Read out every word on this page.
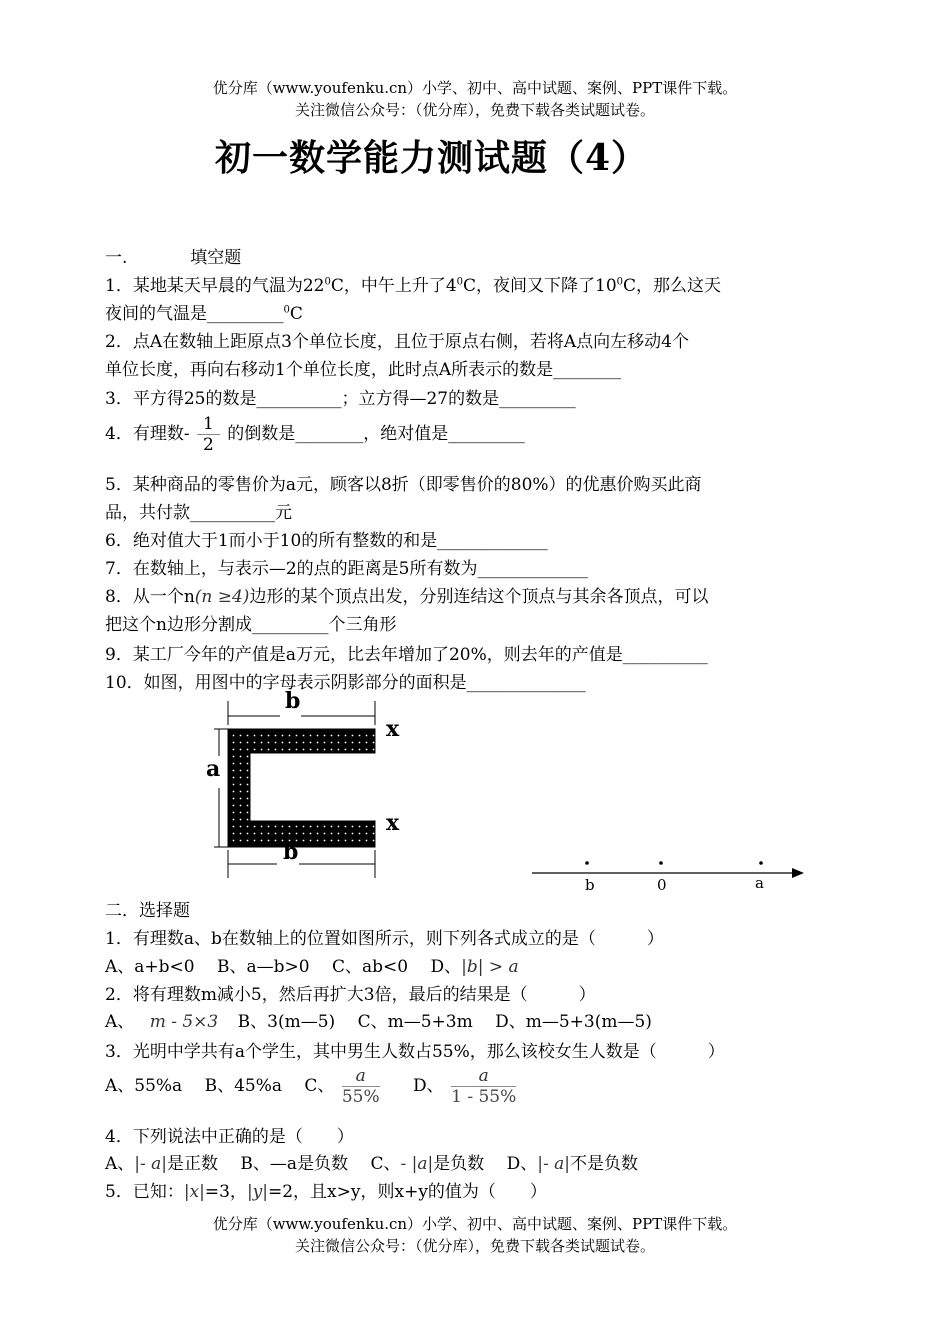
优分库（www.youfenku.cn）小学、初中、高中试题、案例、PPT课件下载。
关注微信公众号：（优分库），免费下载各类试题试卷。
初一数学能力测试题（4）
一.	填空题
1．某地某天早晨的气温为$22^0C$，中午上升了$4^0C$，夜间又下降了$10^0C$，那么这天
夜间的气温是_________$^0$C
2．点A在数轴上距原点3个单位长度，且位于原点右侧，若将A点向左移动4个
单位长度，再向右移动1个单位长度，此时点A所表示的数是________
3．平方得25的数是__________；立方得—27的数是_________
4．有理数- $\frac{1}{2}$ 的倒数是________，绝对值是_________
5．某种商品的零售价为a元，顾客以8折（即零售价的80%）的优惠价购买此商
品，共付款__________元
6．绝对值大于1而小于10的所有整数的和是_____________
7．在数轴上，与表示—2的点的距离是5所有数为_____________
8．从一个n(n ≥4)边形的某个顶点出发，分别连结这个顶点与其余各顶点，可以
把这个n边形分割成_________个三角形
9．某工厂今年的产值是a万元，比去年增加了20%，则去年的产值是__________
10．如图，用图中的字母表示阴影部分的面积是______________
b
a
x
x
b
b	0	a
二．选择题
1．有理数a、b在数轴上的位置如图所示，则下列各式成立的是（　　　）
A、a+b<0　 B、a—b>0　 C、ab<0　 D、|b| > a
2．将有理数m减小5，然后再扩大3倍，最后的结果是（　　　）
A、 m - 5×3 B、3(m—5)　 C、m—5+3m　 D、m—5+3(m—5)
3．光明中学共有a个学生，其中男生人数占55%，那么该校女生人数是（　　　）
A、55%a　 B、45%a　 C、 $\frac{a}{55\%}$ D、 $\frac{a}{1 - 55\%}$
4．下列说法中正确的是（　　）
A、|- a|是正数　 B、—a是负数　 C、- |a|是负数　 D、|- a|不是负数
5．已知：|x|=3，|y|=2，且x>y，则x+y的值为（　　）
优分库（www.youfenku.cn）小学、初中、高中试题、案例、PPT课件下载。
关注微信公众号：（优分库），免费下载各类试题试卷。
